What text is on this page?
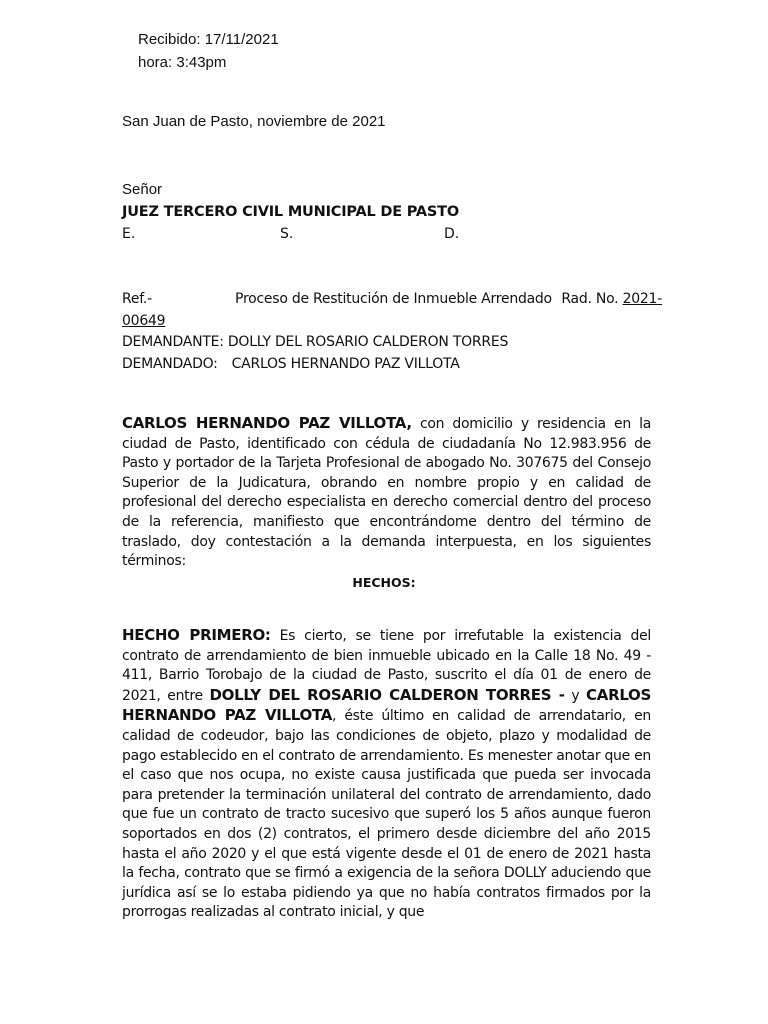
Recibido: 17/11/2021
hora: 3:43pm
San Juan de Pasto, noviembre de 2021
Señor
JUEZ TERCERO CIVIL MUNICIPAL DE PASTO
E.	S.	D.
Ref.-	Proceso de Restitución de Inmueble Arrendado Rad. No. 2021-
00649
DEMANDANTE: DOLLY DEL ROSARIO CALDERON TORRES
DEMANDADO: CARLOS HERNANDO PAZ VILLOTA
CARLOS HERNANDO PAZ VILLOTA, con domicilio y residencia en la ciudad de Pasto, identificado con cédula de ciudadanía No 12.983.956 de Pasto y portador de la Tarjeta Profesional de abogado No. 307675 del Consejo Superior de la Judicatura, obrando en nombre propio y en calidad de profesional del derecho especialista en derecho comercial dentro del proceso de la referencia, manifiesto que encontrándome dentro del término de traslado, doy contestación a la demanda interpuesta, en los siguientes términos:
HECHOS:
HECHO PRIMERO: Es cierto, se tiene por irrefutable la existencia del contrato de arrendamiento de bien inmueble ubicado en la Calle 18 No. 49 - 411, Barrio Torobajo de la ciudad de Pasto, suscrito el día 01 de enero de 2021, entre DOLLY DEL ROSARIO CALDERON TORRES - y CARLOS HERNANDO PAZ VILLOTA, éste último en calidad de arrendatario, en calidad de codeudor, bajo las condiciones de objeto, plazo y modalidad de pago establecido en el contrato de arrendamiento. Es menester anotar que en el caso que nos ocupa, no existe causa justificada que pueda ser invocada para pretender la terminación unilateral del contrato de arrendamiento, dado que fue un contrato de tracto sucesivo que superó los 5 años aunque fueron soportados en dos (2) contratos, el primero desde diciembre del año 2015 hasta el año 2020 y el que está vigente desde el 01 de enero de 2021 hasta la fecha, contrato que se firmó a exigencia de la señora DOLLY aduciendo que jurídica así se lo estaba pidiendo ya que no había contratos firmados por la prorrogas realizadas al contrato inicial, y que
